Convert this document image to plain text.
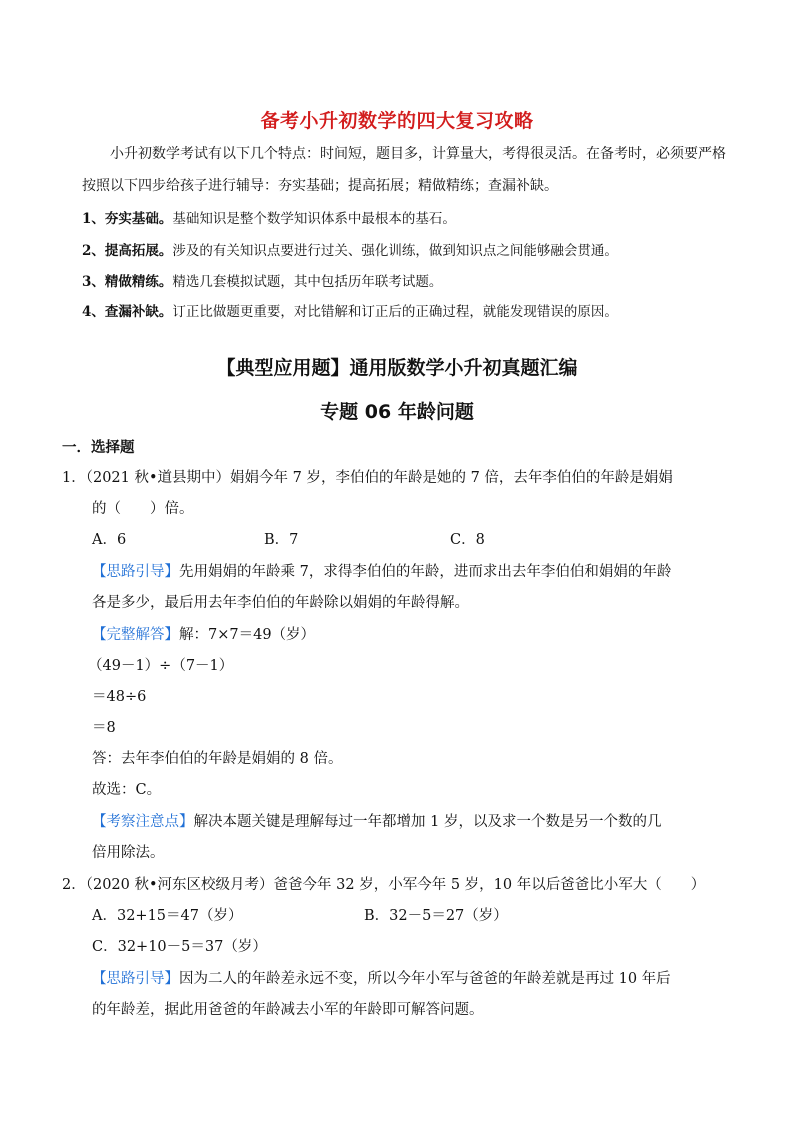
备考小升初数学的四大复习攻略
小升初数学考试有以下几个特点：时间短，题目多，计算量大，考得很灵活。在备考时，必须要严格
按照以下四步给孩子进行辅导：夯实基础；提高拓展；精做精练；查漏补缺。
1、夯实基础。基础知识是整个数学知识体系中最根本的基石。
2、提高拓展。涉及的有关知识点要进行过关、强化训练，做到知识点之间能够融会贯通。
3、精做精练。精选几套模拟试题，其中包括历年联考试题。
4、查漏补缺。订正比做题更重要，对比错解和订正后的正确过程，就能发现错误的原因。
【典型应用题】通用版数学小升初真题汇编
专题 06 年龄问题
一．选择题
1．（2021 秋•道县期中）娟娟今年 7 岁，李伯伯的年龄是她的 7 倍，去年李伯伯的年龄是娟娟
的（　　）倍。
A．6	B．7	C．8
【思路引导】先用娟娟的年龄乘 7，求得李伯伯的年龄，进而求出去年李伯伯和娟娟的年龄
各是多少，最后用去年李伯伯的年龄除以娟娟的年龄得解。
【完整解答】解：7×7＝49（岁）
（49－1）÷（7－1）
＝48÷6
＝8
答：去年李伯伯的年龄是娟娟的 8 倍。
故选：C。
【考察注意点】解决本题关键是理解每过一年都增加 1 岁，以及求一个数是另一个数的几
倍用除法。
2．（2020 秋•河东区校级月考）爸爸今年 32 岁，小军今年 5 岁，10 年以后爸爸比小军大（　　）
A．32+15＝47（岁）	B．32－5＝27（岁）
C．32+10－5＝37（岁）
【思路引导】因为二人的年龄差永远不变，所以今年小军与爸爸的年龄差就是再过 10 年后
的年龄差，据此用爸爸的年龄减去小军的年龄即可解答问题。
